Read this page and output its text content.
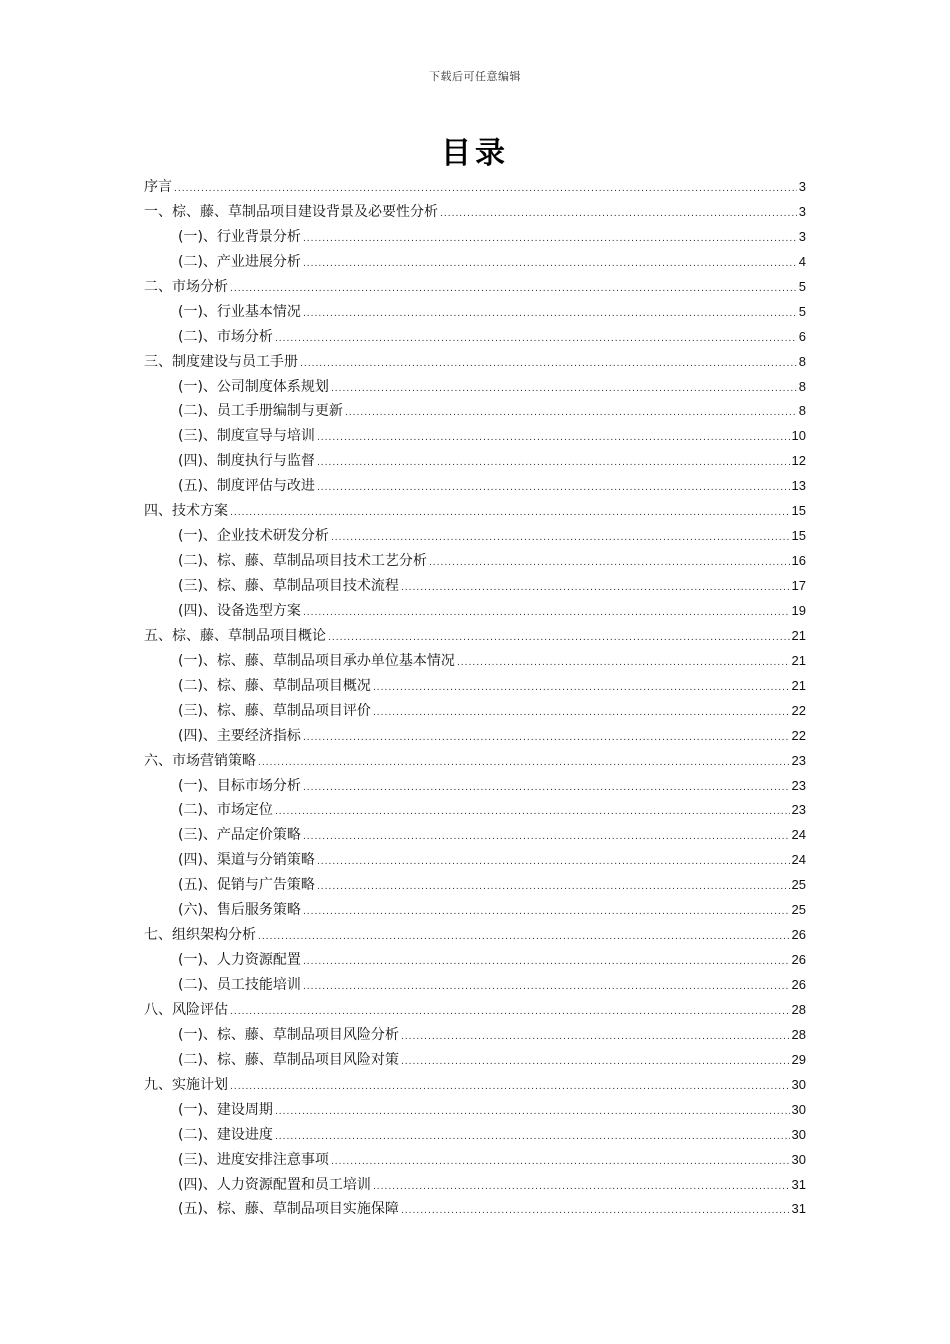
下载后可任意编辑
目录
序言 .....	3
一、棕、藤、草制品项目建设背景及必要性分析 .....	3
(一)、行业背景分析 .....	3
(二)、产业进展分析 .....	4
二、市场分析 .....	5
(一)、行业基本情况 .....	5
(二)、市场分析 .....	6
三、制度建设与员工手册 .....	8
(一)、公司制度体系规划 .....	8
(二)、员工手册编制与更新 .....	8
(三)、制度宣导与培训 .....	10
(四)、制度执行与监督 .....	12
(五)、制度评估与改进 .....	13
四、技术方案 .....	15
(一)、企业技术研发分析 .....	15
(二)、棕、藤、草制品项目技术工艺分析 .....	16
(三)、棕、藤、草制品项目技术流程 .....	17
(四)、设备选型方案 .....	19
五、棕、藤、草制品项目概论 .....	21
(一)、棕、藤、草制品项目承办单位基本情况 .....	21
(二)、棕、藤、草制品项目概况 .....	21
(三)、棕、藤、草制品项目评价 .....	22
(四)、主要经济指标 .....	22
六、市场营销策略 .....	23
(一)、目标市场分析 .....	23
(二)、市场定位 .....	23
(三)、产品定价策略 .....	24
(四)、渠道与分销策略 .....	24
(五)、促销与广告策略 .....	25
(六)、售后服务策略 .....	25
七、组织架构分析 .....	26
(一)、人力资源配置 .....	26
(二)、员工技能培训 .....	26
八、风险评估 .....	28
(一)、棕、藤、草制品项目风险分析 .....	28
(二)、棕、藤、草制品项目风险对策 .....	29
九、实施计划 .....	30
(一)、建设周期 .....	30
(二)、建设进度 .....	30
(三)、进度安排注意事项 .....	30
(四)、人力资源配置和员工培训 .....	31
(五)、棕、藤、草制品项目实施保障 .....	31
